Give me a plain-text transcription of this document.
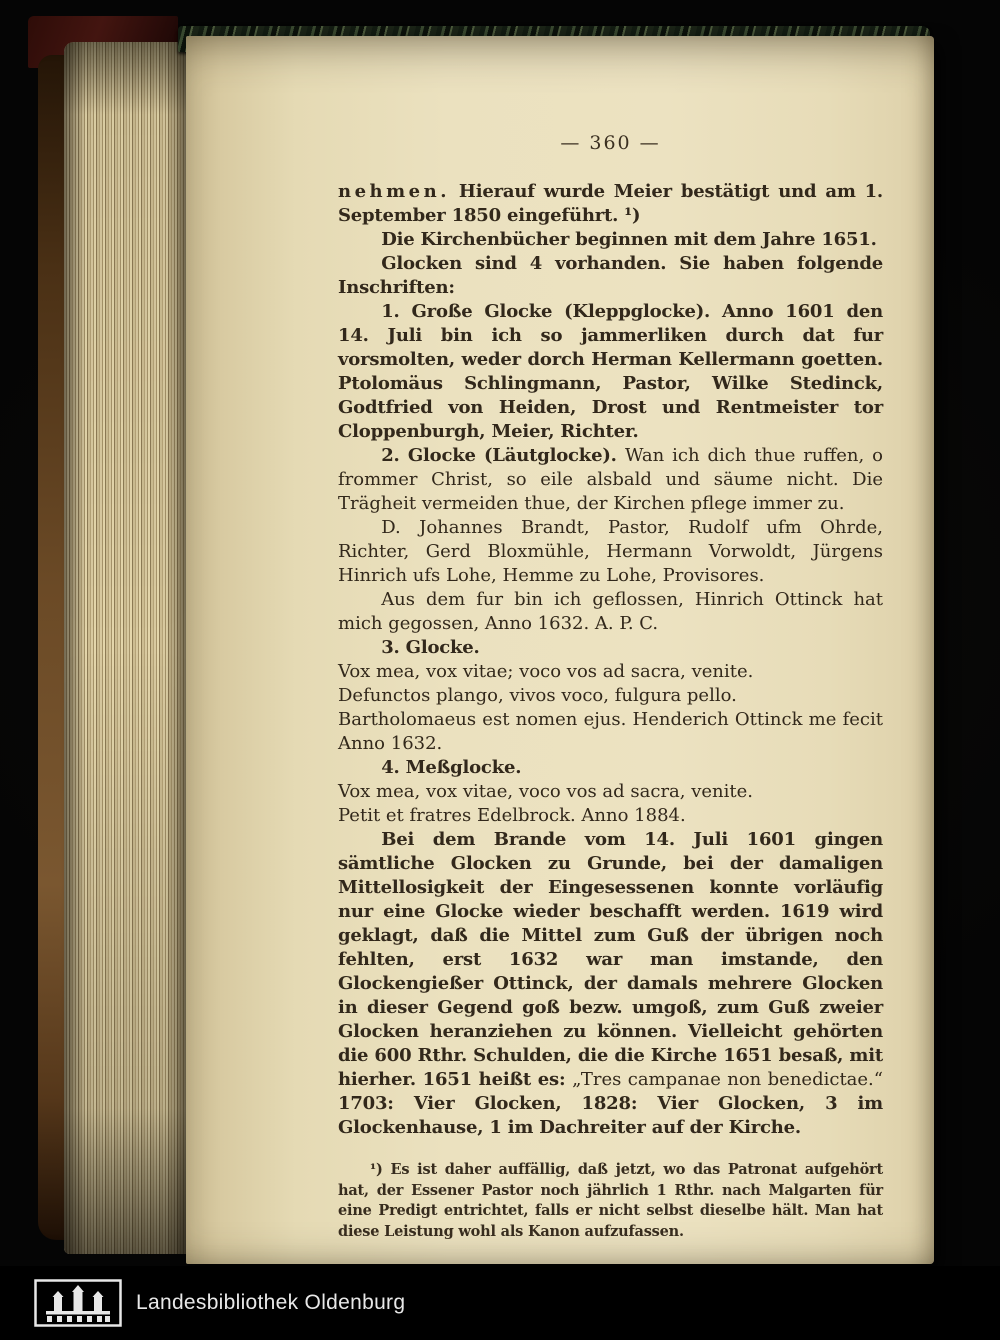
— 360 —

nehmen. Hierauf wurde Meier bestätigt und am 1. September 1850 eingeführt. ¹)

Die Kirchenbücher beginnen mit dem Jahre 1651.

Glocken sind 4 vorhanden. Sie haben folgende Inschriften:

1. Große Glocke (Kleppglocke). Anno 1601 den 14. Juli bin ich so jammerliken durch dat fur vorsmolten, weder dorch Herman Kellermann goetten. Ptolomäus Schlingmann, Pastor, Wilke Stedinck, Godtfried von Heiden, Drost und Rentmeister tor Cloppenburgh, Meier, Richter.

2. Glocke (Läutglocke). Wan ich dich thue ruffen, o frommer Christ, so eile alsbald und säume nicht. Die Trägheit vermeiden thue, der Kirchen pflege immer zu.

D. Johannes Brandt, Pastor, Rudolf ufm Ohrde, Richter, Gerd Bloxmühle, Hermann Vorwoldt, Jürgens Hinrich ufs Lohe, Hemme zu Lohe, Provisores.

Aus dem fur bin ich geflossen, Hinrich Ottinck hat mich gegossen, Anno 1632. A. P. C.

3. Glocke.

Vox mea, vox vitae; voco vos ad sacra, venite.

Defunctos plango, vivos voco, fulgura pello.

Bartholomaeus est nomen ejus. Henderich Ottinck me fecit Anno 1632.

4. Meßglocke.

Vox mea, vox vitae, voco vos ad sacra, venite.

Petit et fratres Edelbrock. Anno 1884.

Bei dem Brande vom 14. Juli 1601 gingen sämtliche Glocken zu Grunde, bei der damaligen Mittellosigkeit der Eingesessenen konnte vorläufig nur eine Glocke wieder beschafft werden. 1619 wird geklagt, daß die Mittel zum Guß der übrigen noch fehlten, erst 1632 war man imstande, den Glockengießer Ottinck, der damals mehrere Glocken in dieser Gegend goß bezw. umgoß, zum Guß zweier Glocken heranziehen zu können. Vielleicht gehörten die 600 Rthr. Schulden, die die Kirche 1651 besaß, mit hierher. 1651 heißt es: „Tres campanae non benedictae.“ 1703: Vier Glocken, 1828: Vier Glocken, 3 im Glockenhause, 1 im Dachreiter auf der Kirche.

¹) Es ist daher auffällig, daß jetzt, wo das Patronat aufgehört hat, der Essener Pastor noch jährlich 1 Rthr. nach Malgarten für eine Predigt entrichtet, falls er nicht selbst dieselbe hält. Man hat diese Leistung wohl als Kanon aufzufassen.

Landesbibliothek Oldenburg
